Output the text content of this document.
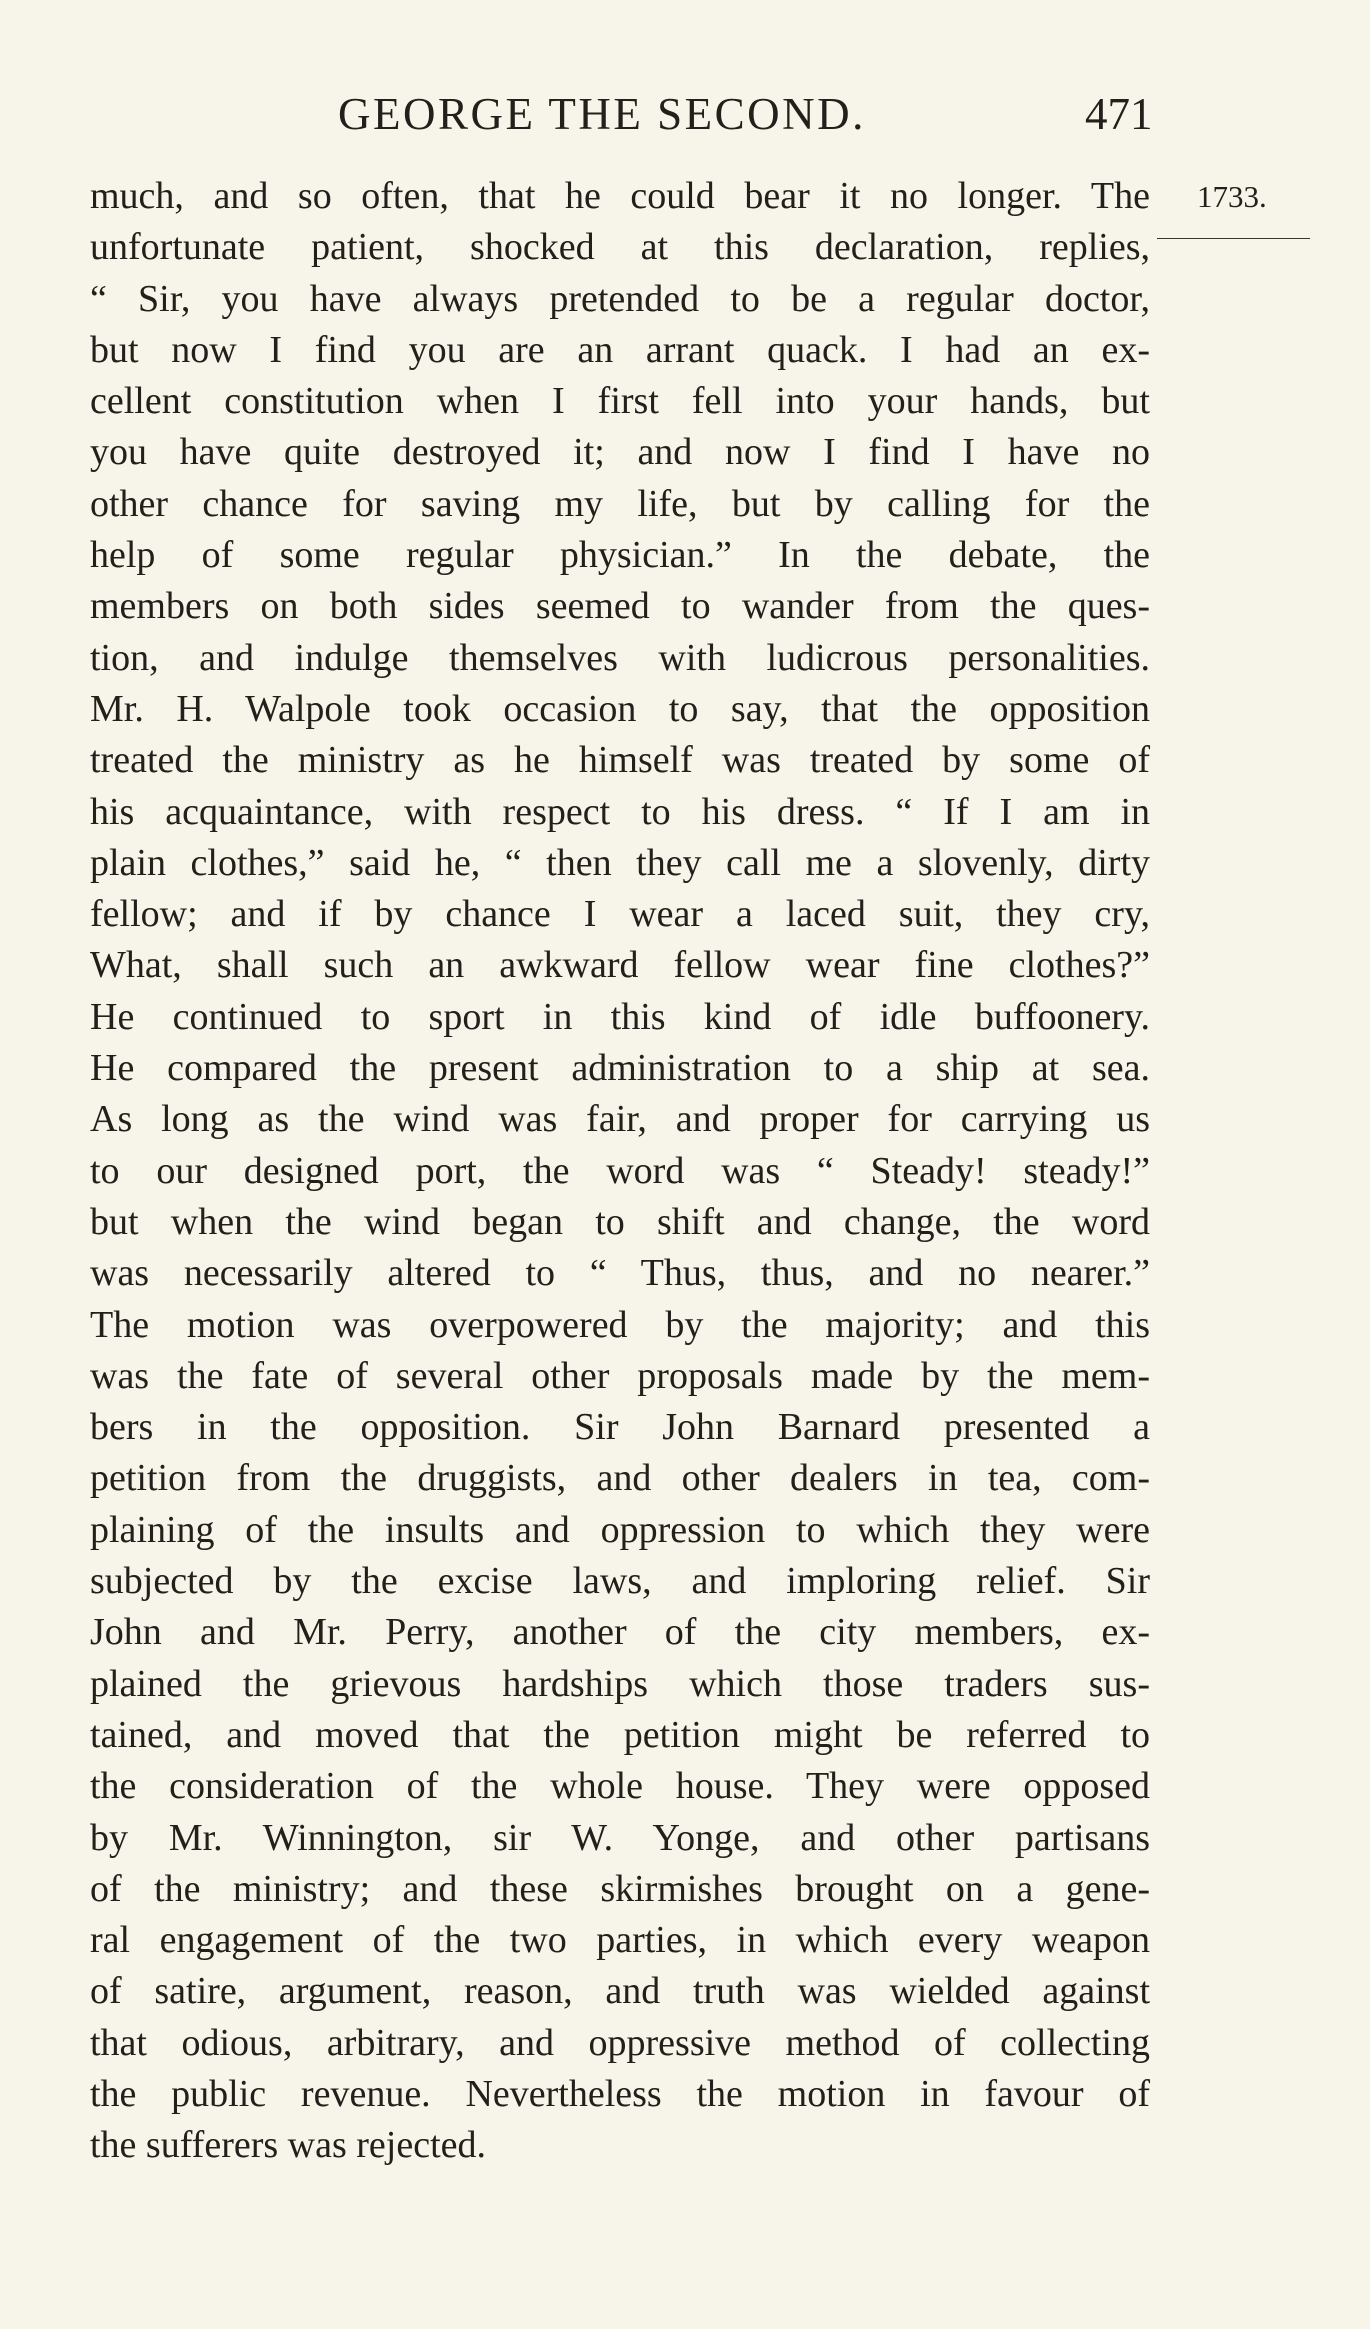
GEORGE THE SECOND.	471
1733.
much, and so often, that he could bear it no longer. The
unfortunate patient, shocked at this declaration, replies,
“ Sir, you have always pretended to be a regular doctor,
but now I find you are an arrant quack. I had an ex-
cellent constitution when I first fell into your hands, but
you have quite destroyed it; and now I find I have no
other chance for saving my life, but by calling for the
help of some regular physician.” In the debate, the
members on both sides seemed to wander from the ques-
tion, and indulge themselves with ludicrous personalities.
Mr. H. Walpole took occasion to say, that the opposition
treated the ministry as he himself was treated by some of
his acquaintance, with respect to his dress. “ If I am in
plain clothes,” said he, “ then they call me a slovenly, dirty
fellow; and if by chance I wear a laced suit, they cry,
What, shall such an awkward fellow wear fine clothes?”
He continued to sport in this kind of idle buffoonery.
He compared the present administration to a ship at sea.
As long as the wind was fair, and proper for carrying us
to our designed port, the word was “ Steady! steady!”
but when the wind began to shift and change, the word
was necessarily altered to “ Thus, thus, and no nearer.”
The motion was overpowered by the majority; and this
was the fate of several other proposals made by the mem-
bers in the opposition. Sir John Barnard presented a
petition from the druggists, and other dealers in tea, com-
plaining of the insults and oppression to which they were
subjected by the excise laws, and imploring relief. Sir
John and Mr. Perry, another of the city members, ex-
plained the grievous hardships which those traders sus-
tained, and moved that the petition might be referred to
the consideration of the whole house. They were opposed
by Mr. Winnington, sir W. Yonge, and other partisans
of the ministry; and these skirmishes brought on a gene-
ral engagement of the two parties, in which every weapon
of satire, argument, reason, and truth was wielded against
that odious, arbitrary, and oppressive method of collecting
the public revenue. Nevertheless the motion in favour of
the sufferers was rejected.
